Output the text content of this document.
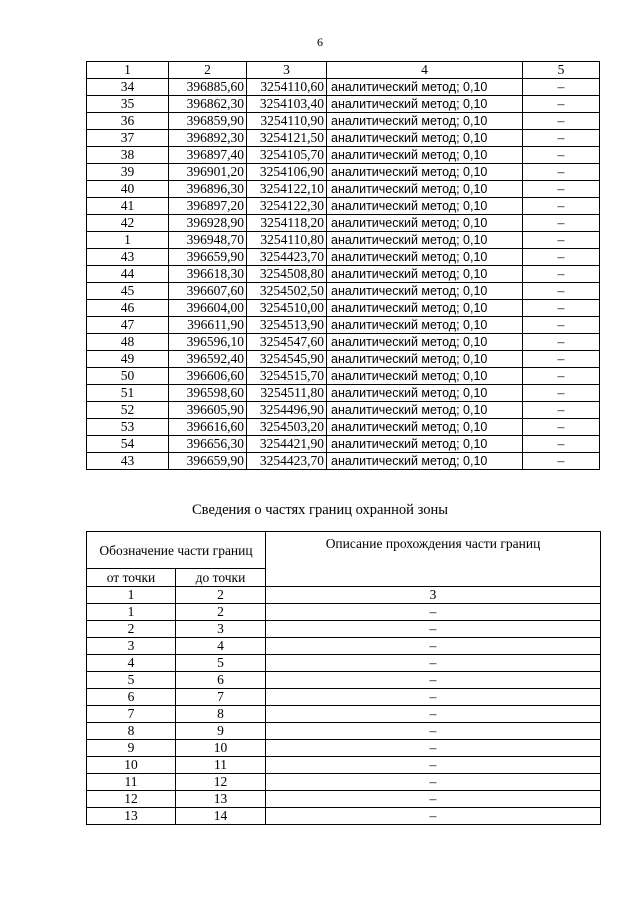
6
1	2	3	4	5
34	396885,60	3254110,60	аналитический метод; 0,10	–
35	396862,30	3254103,40	аналитический метод; 0,10	–
36	396859,90	3254110,90	аналитический метод; 0,10	–
37	396892,30	3254121,50	аналитический метод; 0,10	–
38	396897,40	3254105,70	аналитический метод; 0,10	–
39	396901,20	3254106,90	аналитический метод; 0,10	–
40	396896,30	3254122,10	аналитический метод; 0,10	–
41	396897,20	3254122,30	аналитический метод; 0,10	–
42	396928,90	3254118,20	аналитический метод; 0,10	–
1	396948,70	3254110,80	аналитический метод; 0,10	–
43	396659,90	3254423,70	аналитический метод; 0,10	–
44	396618,30	3254508,80	аналитический метод; 0,10	–
45	396607,60	3254502,50	аналитический метод; 0,10	–
46	396604,00	3254510,00	аналитический метод; 0,10	–
47	396611,90	3254513,90	аналитический метод; 0,10	–
48	396596,10	3254547,60	аналитический метод; 0,10	–
49	396592,40	3254545,90	аналитический метод; 0,10	–
50	396606,60	3254515,70	аналитический метод; 0,10	–
51	396598,60	3254511,80	аналитический метод; 0,10	–
52	396605,90	3254496,90	аналитический метод; 0,10	–
53	396616,60	3254503,20	аналитический метод; 0,10	–
54	396656,30	3254421,90	аналитический метод; 0,10	–
43	396659,90	3254423,70	аналитический метод; 0,10	–
Сведения о частях границ охранной зоны
Обозначение части границ		Описание прохождения части границ
от точки	до точки	
1	2	3
1	2	–
2	3	–
3	4	–
4	5	–
5	6	–
6	7	–
7	8	–
8	9	–
9	10	–
10	11	–
11	12	–
12	13	–
13	14	–
